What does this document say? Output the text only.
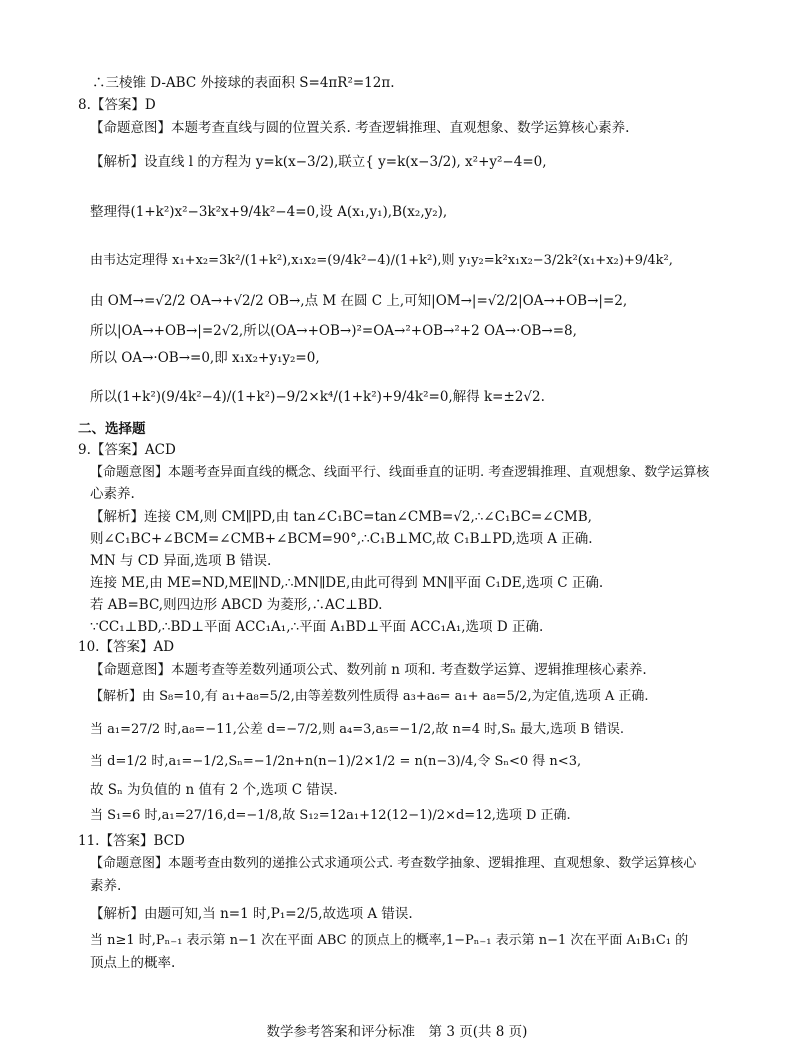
∴三棱锥 D-ABC 外接球的表面积 S=4πR²=12π.
8.【答案】D
【命题意图】本题考查直线与圆的位置关系. 考查逻辑推理、直观想象、数学运算核心素养.
【解析】设直线 l 的方程为 y=k(x−3/2),联立{ y=k(x−3/2), x²+y²−4=0,
整理得(1+k²)x²−3k²x+9/4k²−4=0,设 A(x₁,y₁),B(x₂,y₂),
由韦达定理得 x₁+x₂=3k²/(1+k²),x₁x₂=(9/4k²−4)/(1+k²),则 y₁y₂=k²x₁x₂−3/2k²(x₁+x₂)+9/4k²,
由 OM→=√2/2 OA→+√2/2 OB→,点 M 在圆 C 上,可知|OM→|=√2/2|OA→+OB→|=2,
所以|OA→+OB→|=2√2,所以(OA→+OB→)²=OA→²+OB→²+2 OA→·OB→=8,
所以 OA→·OB→=0,即 x₁x₂+y₁y₂=0,
所以(1+k²)(9/4k²−4)/(1+k²)−9/2×k⁴/(1+k²)+9/4k²=0,解得 k=±2√2.
二、选择题
9.【答案】ACD
【命题意图】本题考查异面直线的概念、线面平行、线面垂直的证明. 考查逻辑推理、直观想象、数学运算核
心素养.
【解析】连接 CM,则 CM∥PD,由 tan∠C₁BC=tan∠CMB=√2,∴∠C₁BC=∠CMB,
则∠C₁BC+∠BCM=∠CMB+∠BCM=90°,∴C₁B⊥MC,故 C₁B⊥PD,选项 A 正确.
MN 与 CD 异面,选项 B 错误.
连接 ME,由 ME=ND,ME∥ND,∴MN∥DE,由此可得到 MN∥平面 C₁DE,选项 C 正确.
若 AB=BC,则四边形 ABCD 为菱形,∴AC⊥BD.
∵CC₁⊥BD,∴BD⊥平面 ACC₁A₁,∴平面 A₁BD⊥平面 ACC₁A₁,选项 D 正确.
10.【答案】AD
【命题意图】本题考查等差数列通项公式、数列前 n 项和. 考查数学运算、逻辑推理核心素养.
【解析】由 S₈=10,有 a₁+a₈=5/2,由等差数列性质得 a₃+a₆= a₁+ a₈=5/2,为定值,选项 A 正确.
当 a₁=27/2 时,a₈=−11,公差 d=−7/2,则 a₄=3,a₅=−1/2,故 n=4 时,Sₙ 最大,选项 B 错误.
当 d=1/2 时,a₁=−1/2,Sₙ=−1/2n+n(n−1)/2×1/2 = n(n−3)/4,令 Sₙ<0 得 n<3,
故 Sₙ 为负值的 n 值有 2 个,选项 C 错误.
当 S₁=6 时,a₁=27/16,d=−1/8,故 S₁₂=12a₁+12(12−1)/2×d=12,选项 D 正确.
11.【答案】BCD
【命题意图】本题考查由数列的递推公式求通项公式. 考查数学抽象、逻辑推理、直观想象、数学运算核心
素养.
【解析】由题可知,当 n=1 时,P₁=2/5,故选项 A 错误.
当 n≥1 时,Pₙ₋₁ 表示第 n−1 次在平面 ABC 的顶点上的概率,1−Pₙ₋₁ 表示第 n−1 次在平面 A₁B₁C₁ 的
顶点上的概率.
数学参考答案和评分标准　第 3 页(共 8 页)
